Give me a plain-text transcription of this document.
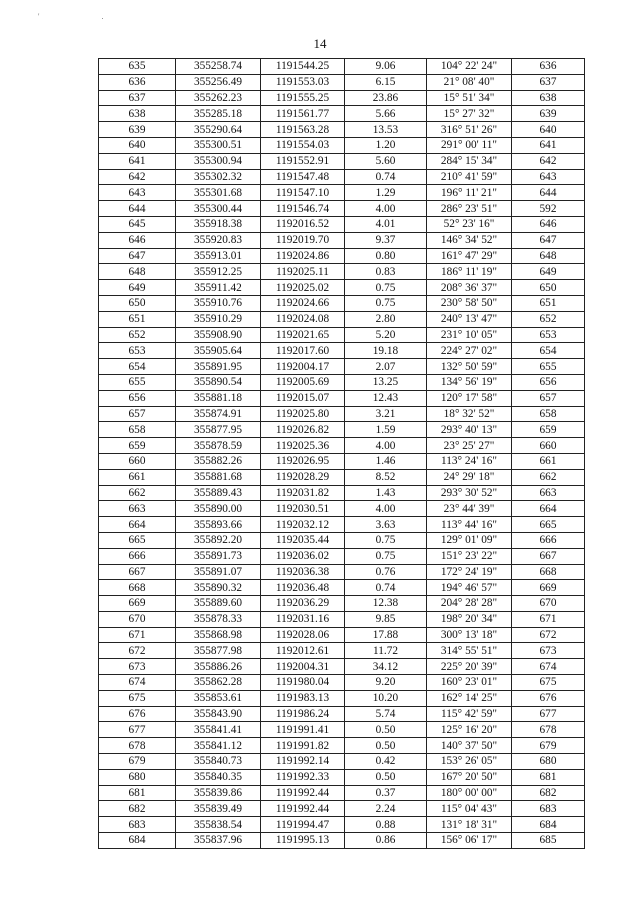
' .
14
635	355258.74	1191544.25	9.06	104° 22' 24"	636
636	355256.49	1191553.03	6.15	21° 08' 40"	637
637	355262.23	1191555.25	23.86	15° 51' 34"	638
638	355285.18	1191561.77	5.66	15° 27' 32"	639
639	355290.64	1191563.28	13.53	316° 51' 26"	640
640	355300.51	1191554.03	1.20	291° 00' 11"	641
641	355300.94	1191552.91	5.60	284° 15' 34"	642
642	355302.32	1191547.48	0.74	210° 41' 59"	643
643	355301.68	1191547.10	1.29	196° 11' 21"	644
644	355300.44	1191546.74	4.00	286° 23' 51"	592
645	355918.38	1192016.52	4.01	52° 23' 16"	646
646	355920.83	1192019.70	9.37	146° 34' 52"	647
647	355913.01	1192024.86	0.80	161° 47' 29"	648
648	355912.25	1192025.11	0.83	186° 11' 19"	649
649	355911.42	1192025.02	0.75	208° 36' 37"	650
650	355910.76	1192024.66	0.75	230° 58' 50"	651
651	355910.29	1192024.08	2.80	240° 13' 47"	652
652	355908.90	1192021.65	5.20	231° 10' 05"	653
653	355905.64	1192017.60	19.18	224° 27' 02"	654
654	355891.95	1192004.17	2.07	132° 50' 59"	655
655	355890.54	1192005.69	13.25	134° 56' 19"	656
656	355881.18	1192015.07	12.43	120° 17' 58"	657
657	355874.91	1192025.80	3.21	18° 32' 52"	658
658	355877.95	1192026.82	1.59	293° 40' 13"	659
659	355878.59	1192025.36	4.00	23° 25' 27"	660
660	355882.26	1192026.95	1.46	113° 24' 16"	661
661	355881.68	1192028.29	8.52	24° 29' 18"	662
662	355889.43	1192031.82	1.43	293° 30' 52"	663
663	355890.00	1192030.51	4.00	23° 44' 39"	664
664	355893.66	1192032.12	3.63	113° 44' 16"	665
665	355892.20	1192035.44	0.75	129° 01' 09"	666
666	355891.73	1192036.02	0.75	151° 23' 22"	667
667	355891.07	1192036.38	0.76	172° 24' 19"	668
668	355890.32	1192036.48	0.74	194° 46' 57"	669
669	355889.60	1192036.29	12.38	204° 28' 28"	670
670	355878.33	1192031.16	9.85	198° 20' 34"	671
671	355868.98	1192028.06	17.88	300° 13' 18"	672
672	355877.98	1192012.61	11.72	314° 55' 51"	673
673	355886.26	1192004.31	34.12	225° 20' 39"	674
674	355862.28	1191980.04	9.20	160° 23' 01"	675
675	355853.61	1191983.13	10.20	162° 14' 25"	676
676	355843.90	1191986.24	5.74	115° 42' 59"	677
677	355841.41	1191991.41	0.50	125° 16' 20"	678
678	355841.12	1191991.82	0.50	140° 37' 50"	679
679	355840.73	1191992.14	0.42	153° 26' 05"	680
680	355840.35	1191992.33	0.50	167° 20' 50"	681
681	355839.86	1191992.44	0.37	180° 00' 00"	682
682	355839.49	1191992.44	2.24	115° 04' 43"	683
683	355838.54	1191994.47	0.88	131° 18' 31"	684
684	355837.96	1191995.13	0.86	156° 06' 17"	685
